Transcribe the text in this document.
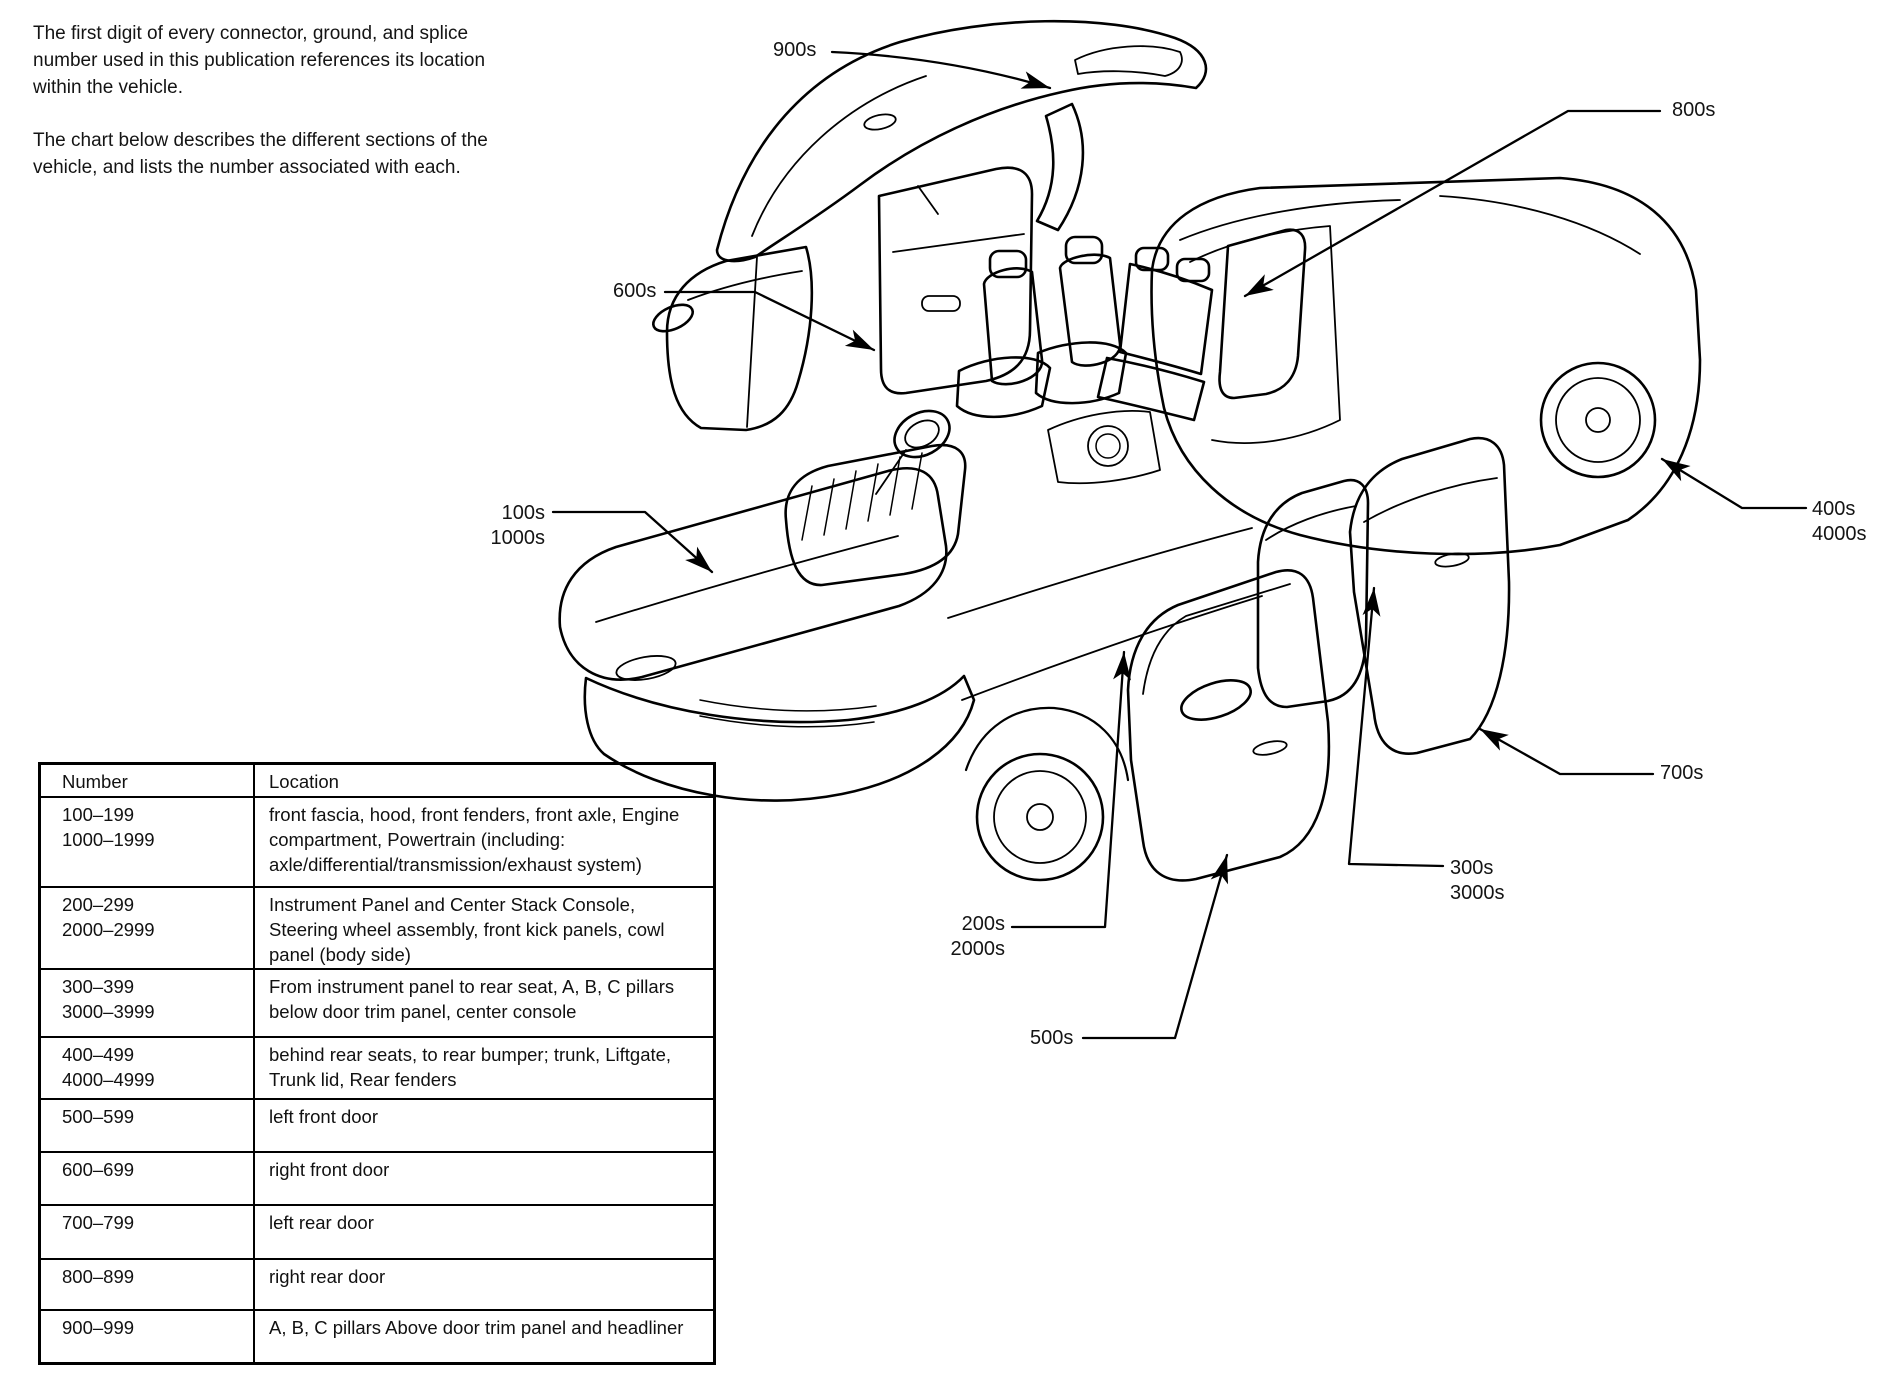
The first digit of every connector, ground, and splice number used in this publication references its location within the vehicle.

The chart below describes the different sections of the vehicle, and lists the number associated with each.

900s
800s
600s
100s
1000s
400s
4000s
700s
300s
3000s
200s
2000s
500s
Number	Location

100–199
1000–1999	front fascia, hood, front fenders, front axle, Engine compartment, Powertrain (including: axle/differential/transmission/exhaust system)

200–299
2000–2999	Instrument Panel and Center Stack Console, Steering wheel assembly, front kick panels, cowl panel (body side)

300–399
3000–3999	From instrument panel to rear seat, A, B, C pillars below door trim panel, center console

400–499
4000–4999	behind rear seats, to rear bumper; trunk, Liftgate, Trunk lid, Rear fenders

500–599	left front door

600–699	right front door

700–799	left rear door

800–899	right rear door

900–999	A, B, C pillars Above door trim panel and headliner
